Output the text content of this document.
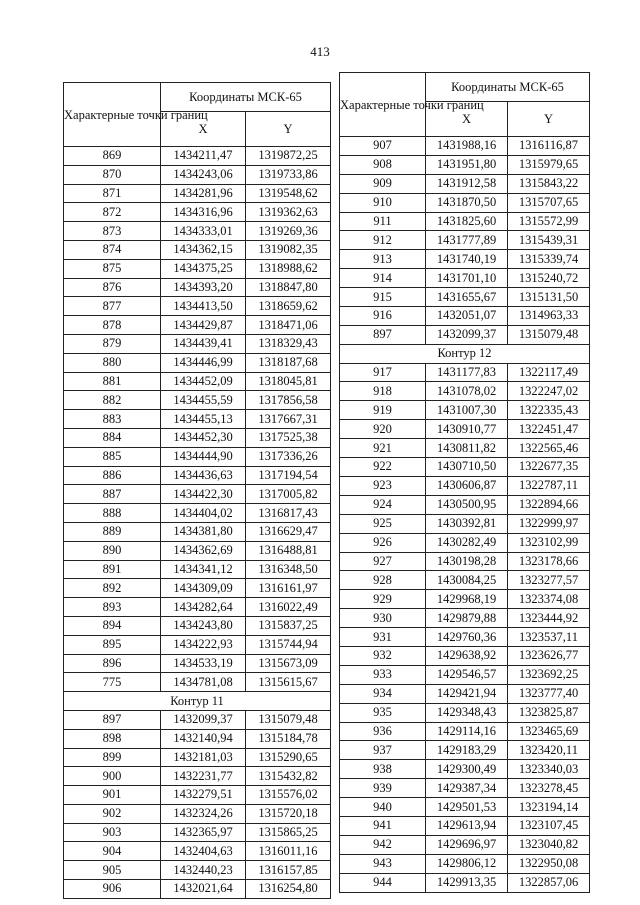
413
Характерные точки границ	Координаты МСК-65	
	X	Y
869	1434211,47	1319872,25
870	1434243,06	1319733,86
871	1434281,96	1319548,62
872	1434316,96	1319362,63
873	1434333,01	1319269,36
874	1434362,15	1319082,35
875	1434375,25	1318988,62
876	1434393,20	1318847,80
877	1434413,50	1318659,62
878	1434429,87	1318471,06
879	1434439,41	1318329,43
880	1434446,99	1318187,68
881	1434452,09	1318045,81
882	1434455,59	1317856,58
883	1434455,13	1317667,31
884	1434452,30	1317525,38
885	1434444,90	1317336,26
886	1434436,63	1317194,54
887	1434422,30	1317005,82
888	1434404,02	1316817,43
889	1434381,80	1316629,47
890	1434362,69	1316488,81
891	1434341,12	1316348,50
892	1434309,09	1316161,97
893	1434282,64	1316022,49
894	1434243,80	1315837,25
895	1434222,93	1315744,94
896	1434533,19	1315673,09
775	1434781,08	1315615,67
Контур 11		
897	1432099,37	1315079,48
898	1432140,94	1315184,78
899	1432181,03	1315290,65
900	1432231,77	1315432,82
901	1432279,51	1315576,02
902	1432324,26	1315720,18
903	1432365,97	1315865,25
904	1432404,63	1316011,16
905	1432440,23	1316157,85
906	1432021,64	1316254,80
Характерные точки границ	Координаты МСК-65	
	X	Y
907	1431988,16	1316116,87
908	1431951,80	1315979,65
909	1431912,58	1315843,22
910	1431870,50	1315707,65
911	1431825,60	1315572,99
912	1431777,89	1315439,31
913	1431740,19	1315339,74
914	1431701,10	1315240,72
915	1431655,67	1315131,50
916	1432051,07	1314963,33
897	1432099,37	1315079,48
Контур 12		
917	1431177,83	1322117,49
918	1431078,02	1322247,02
919	1431007,30	1322335,43
920	1430910,77	1322451,47
921	1430811,82	1322565,46
922	1430710,50	1322677,35
923	1430606,87	1322787,11
924	1430500,95	1322894,66
925	1430392,81	1322999,97
926	1430282,49	1323102,99
927	1430198,28	1323178,66
928	1430084,25	1323277,57
929	1429968,19	1323374,08
930	1429879,88	1323444,92
931	1429760,36	1323537,11
932	1429638,92	1323626,77
933	1429546,57	1323692,25
934	1429421,94	1323777,40
935	1429348,43	1323825,87
936	1429114,16	1323465,69
937	1429183,29	1323420,11
938	1429300,49	1323340,03
939	1429387,34	1323278,45
940	1429501,53	1323194,14
941	1429613,94	1323107,45
942	1429696,97	1323040,82
943	1429806,12	1322950,08
944	1429913,35	1322857,06
